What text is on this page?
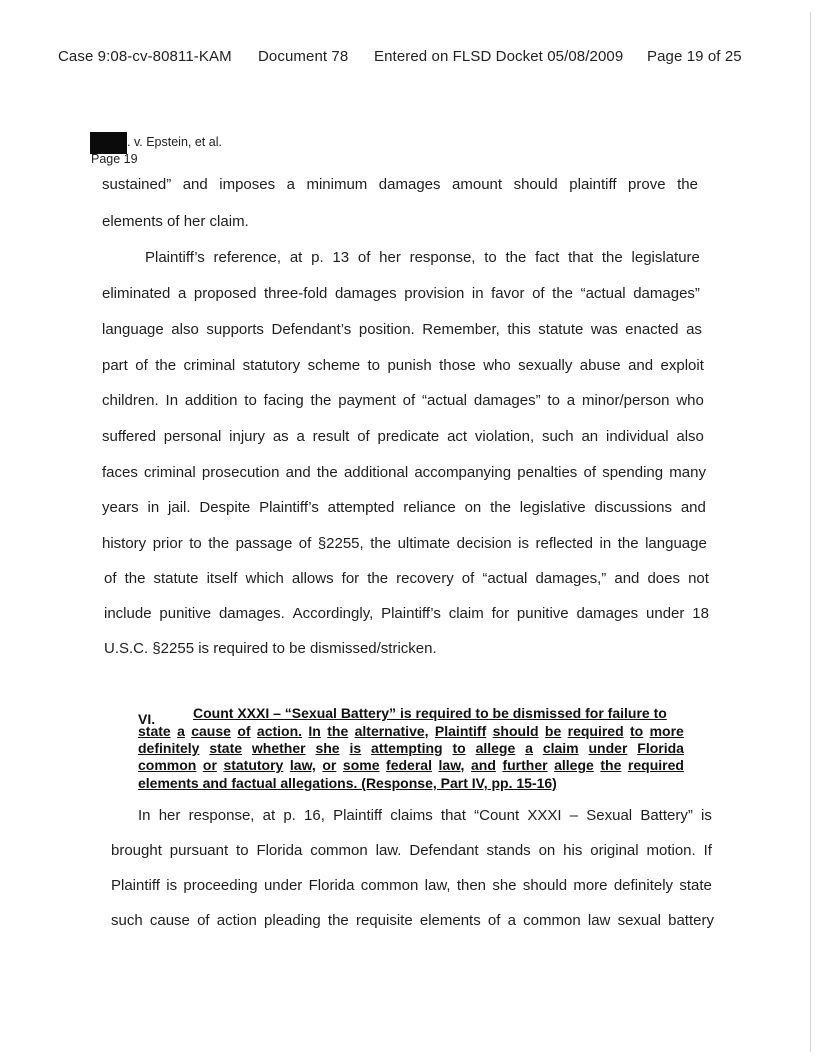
Case 9:08-cv-80811-KAM Document 78 Entered on FLSD Docket 05/08/2009 Page 19 of 25
. v. Epstein, et al.
Page 19
sustained” and imposes a minimum damages amount should plaintiff prove the
elements of her claim.
Plaintiff’s reference, at p. 13 of her response, to the fact that the legislature
eliminated a proposed three-fold damages provision in favor of the “actual damages”
language also supports Defendant’s position. Remember, this statute was enacted as
part of the criminal statutory scheme to punish those who sexually abuse and exploit
children. In addition to facing the payment of “actual damages” to a minor/person who
suffered personal injury as a result of predicate act violation, such an individual also
faces criminal prosecution and the additional accompanying penalties of spending many
years in jail. Despite Plaintiff’s attempted reliance on the legislative discussions and
history prior to the passage of §2255, the ultimate decision is reflected in the language
of the statute itself which allows for the recovery of “actual damages,” and does not
include punitive damages. Accordingly, Plaintiff’s claim for punitive damages under 18
U.S.C. §2255 is required to be dismissed/stricken.
VI.	Count XXXI – “Sexual Battery” is required to be dismissed for failure to
state a cause of action. In the alternative, Plaintiff should be required to more
definitely state whether she is attempting to allege a claim under Florida
common or statutory law, or some federal law, and further allege the required
elements and factual allegations. (Response, Part IV, pp. 15-16)
In her response, at p. 16, Plaintiff claims that “Count XXXI – Sexual Battery” is
brought pursuant to Florida common law. Defendant stands on his original motion. If
Plaintiff is proceeding under Florida common law, then she should more definitely state
such cause of action pleading the requisite elements of a common law sexual battery
